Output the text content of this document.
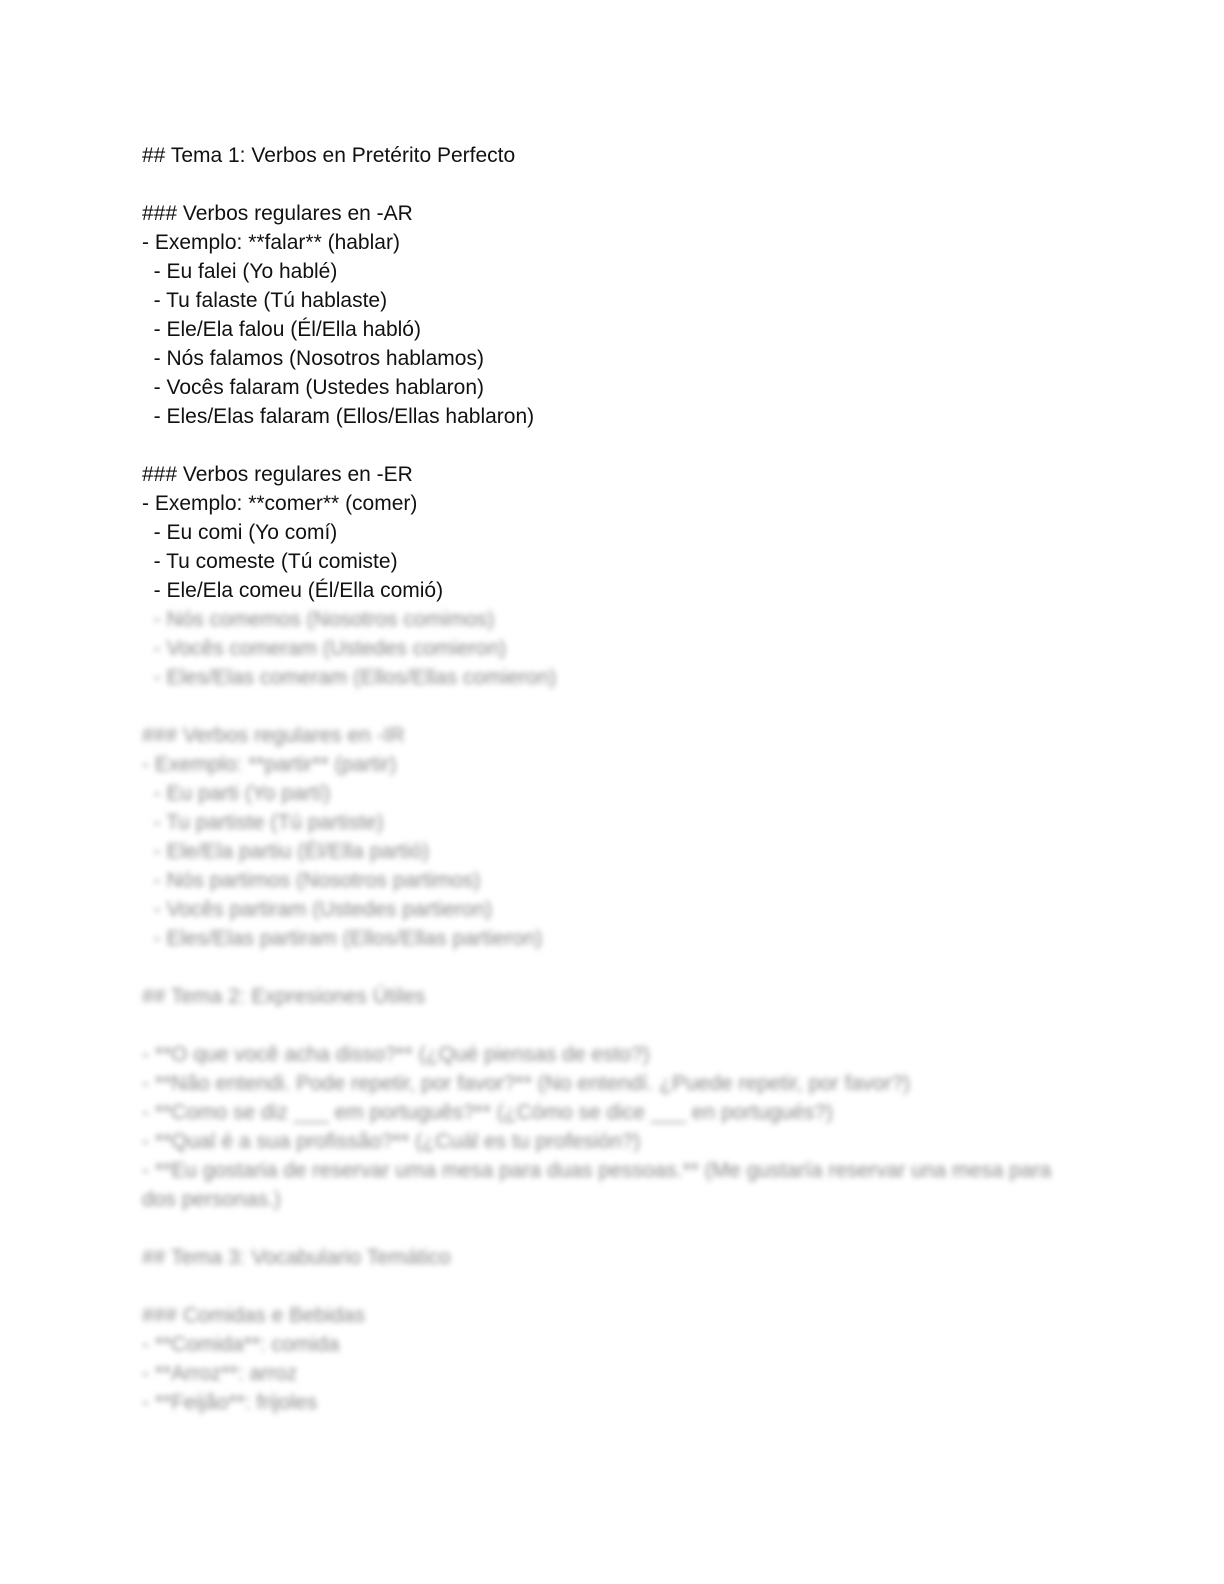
## Tema 1: Verbos en Pretérito Perfecto
### Verbos regulares en -AR
- Exemplo: **falar** (hablar)
- Eu falei (Yo hablé)
- Tu falaste (Tú hablaste)
- Ele/Ela falou (Él/Ella habló)
- Nós falamos (Nosotros hablamos)
- Vocês falaram (Ustedes hablaron)
- Eles/Elas falaram (Ellos/Ellas hablaron)
### Verbos regulares en -ER
- Exemplo: **comer** (comer)
- Eu comi (Yo comí)
- Tu comeste (Tú comiste)
- Ele/Ela comeu (Él/Ella comió)
- Nós comemos (Nosotros comimos)
- Vocês comeram (Ustedes comieron)
- Eles/Elas comeram (Ellos/Ellas comieron)
### Verbos regulares en -IR
- Exemplo: **partir** (partir)
- Eu parti (Yo partí)
- Tu partiste (Tú partiste)
- Ele/Ela partiu (Él/Ella partió)
- Nós partimos (Nosotros partimos)
- Vocês partiram (Ustedes partieron)
- Eles/Elas partiram (Ellos/Ellas partieron)
## Tema 2: Expresiones Útiles
- **O que você acha disso?** (¿Qué piensas de esto?)
- **Não entendi. Pode repetir, por favor?** (No entendí. ¿Puede repetir, por favor?)
- **Como se diz ___ em português?** (¿Cómo se dice ___ en portugués?)
- **Qual é a sua profissão?** (¿Cuál es tu profesión?)
- **Eu gostaria de reservar uma mesa para duas pessoas.** (Me gustaría reservar una mesa para dos personas.)
## Tema 3: Vocabulario Temático
### Comidas e Bebidas
- **Comida**: comida
- **Arroz**: arroz
- **Feijão**: frijoles
